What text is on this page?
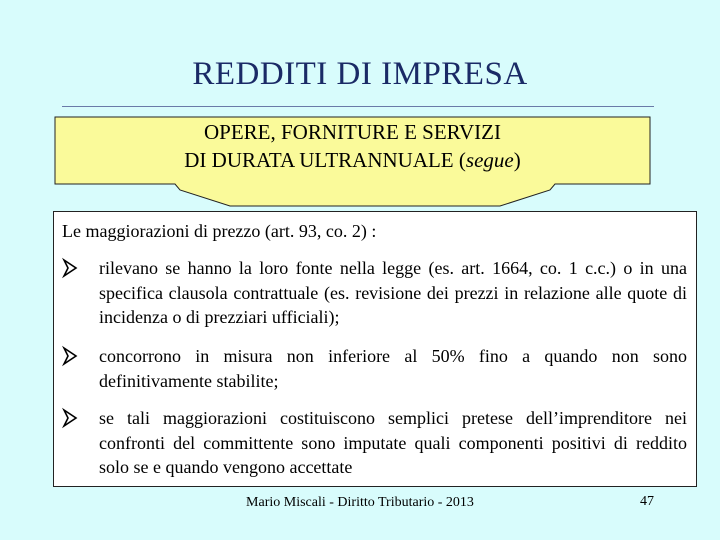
REDDITI DI IMPRESA
OPERE, FORNITURE E SERVIZI
DI DURATA ULTRANNUALE (segue)
Le maggiorazioni di prezzo (art. 93, co. 2) :
rilevano se hanno la loro fonte nella legge (es. art. 1664, co. 1 c.c.) o in una specifica clausola contrattuale (es. revisione dei prezzi in relazione alle quote di incidenza o di prezziari ufficiali);
concorrono in misura non inferiore al 50% fino a quando non sono definitivamente stabilite;
se tali maggiorazioni costituiscono semplici pretese dell’imprenditore nei confronti del committente sono imputate quali componenti positivi di reddito solo se e quando vengono accettate
Mario Miscali - Diritto Tributario - 2013	47
